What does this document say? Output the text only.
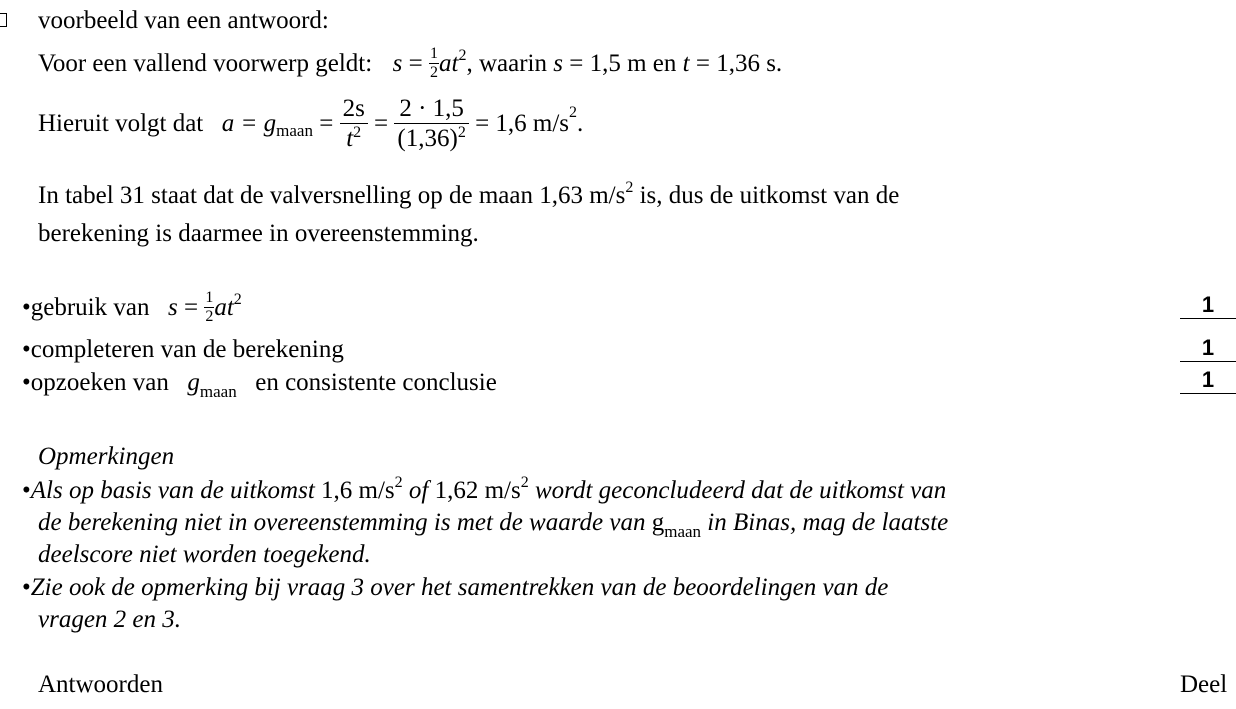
voorbeeld van een antwoord:
Voor een vallend voorwerp geldt: $s = \frac{1}{2} at^2$, waarin s = 1,5 m en t = 1,36 s.
Hieruit volgt dat $a = g_{maan} = \frac{2s}{t^2} = \frac{2 \cdot 1,5}{(1,36)^2} = 1,6$ $m/s^2$.
In tabel 31 staat dat de valversnelling op de maan 1,63 $m/s^2$ is, dus de uitkomst van de
berekening is daarmee in overeenstemming.
•gebruik van $s = \frac{1}{2} at^2$	1
•completeren van de berekening	1
•opzoeken van $g_{maan}$ en consistente conclusie	1
Opmerkingen
•Als op basis van de uitkomst 1,6 $m/s^2$ of 1,62 $m/s^2$ wordt geconcludeerd dat de uitkomst van
de berekening niet in overeenstemming is met de waarde van $g_{maan}$ in Binas, mag de laatste
deelscore niet worden toegekend.
•Zie ook de opmerking bij vraag 3 over het samentrekken van de beoordelingen van de
vragen 2 en 3.
Antwoorden	Deel
